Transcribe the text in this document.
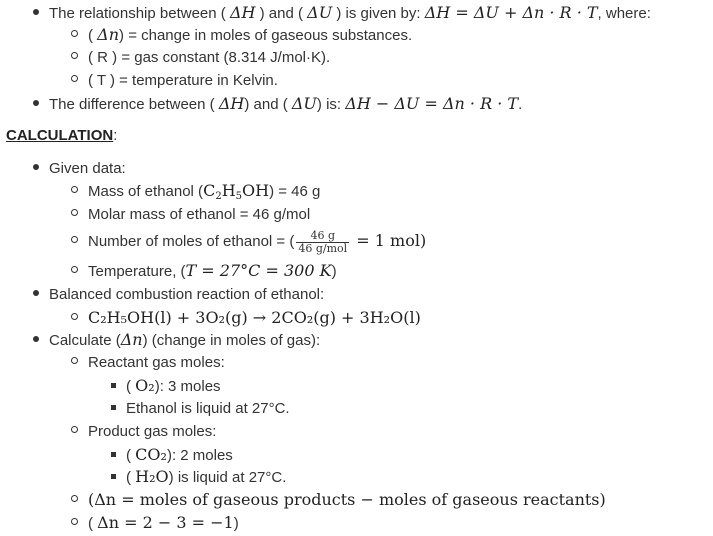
The relationship between ( ΔH ) and ( ΔU ) is given by: ΔH = ΔU + Δn · R · T, where:
( Δn) = change in moles of gaseous substances.
( R ) = gas constant (8.314 J/mol·K).
( T ) = temperature in Kelvin.
The difference between ( ΔH) and ( ΔU) is: ΔH − ΔU = Δn · R · T.
CALCULATION:
Given data:
Mass of ethanol $(C_2H_5OH) = 46$ g
Molar mass of ethanol = 46 g/mol
Number of moles of ethanol = ( $\frac{46 g}{\text{46 g/mol}} = 1$ mol)
Temperature, (T = 27°C = 300 K)
Balanced combustion reaction of ethanol:
C₂H₅OH(l) + 3O₂(g) → 2CO₂(g) + 3H₂O(l)
Calculate (Δn) (change in moles of gas):
Reactant gas moles:
( O₂): 3 moles
Ethanol is liquid at 27°C.
Product gas moles:
( CO₂): 2 moles
( H₂O) is liquid at 27°C.
(Δn = moles of gaseous products − moles of gaseous reactants)
( Δn = 2 − 3 = −1)
